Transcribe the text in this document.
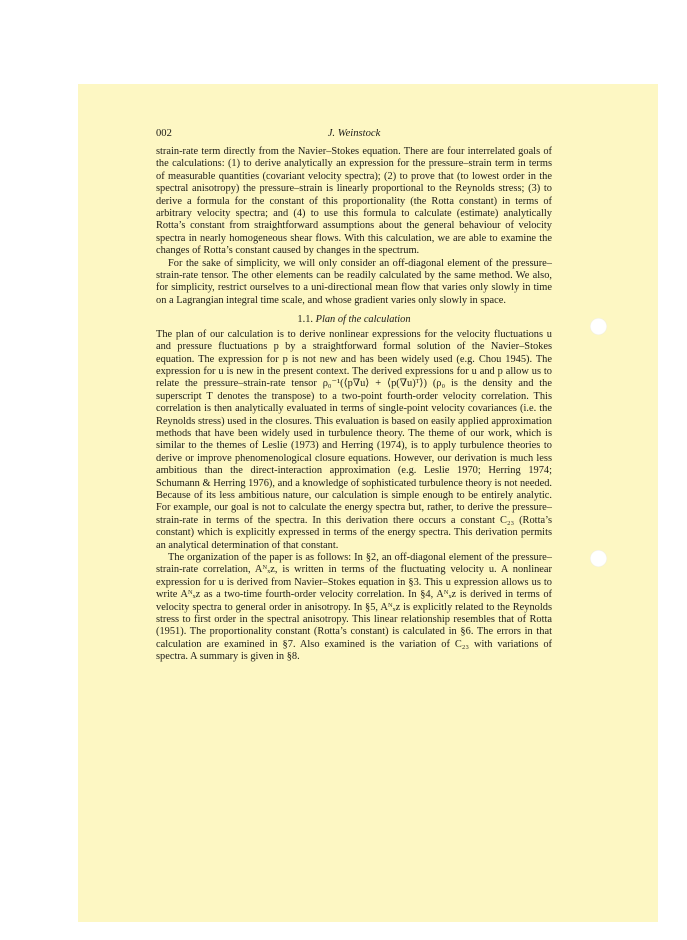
002	J. Weinstock

strain-rate term directly from the Navier–Stokes equation. There are four interrelated goals of the calculations: (1) to derive analytically an expression for the pressure–strain term in terms of measurable quantities (covariant velocity spectra); (2) to prove that (to lowest order in the spectral anisotropy) the pressure–strain is linearly proportional to the Reynolds stress; (3) to derive a formula for the constant of this proportionality (the Rotta constant) in terms of arbitrary velocity spectra; and (4) to use this formula to calculate (estimate) analytically Rotta’s constant from straightforward assumptions about the general behaviour of velocity spectra in nearly homogeneous shear flows. With this calculation, we are able to examine the changes of Rotta’s constant caused by changes in the spectrum.

For the sake of simplicity, we will only consider an off-diagonal element of the pressure–strain-rate tensor. The other elements can be readily calculated by the same method. We also, for simplicity, restrict ourselves to a uni-directional mean flow that varies only slowly in time on a Lagrangian integral time scale, and whose gradient varies only slowly in space.

1.1. Plan of the calculation

The plan of our calculation is to derive nonlinear expressions for the velocity fluctuations u and pressure fluctuations p by a straightforward formal solution of the Navier–Stokes equation. The expression for p is not new and has been widely used (e.g. Chou 1945). The expression for u is new in the present context. The derived expressions for u and p allow us to relate the pressure–strain-rate tensor ρ₀⁻¹(⟨p∇u⟩ + ⟨p(∇u)ᵀ⟩) (ρ₀ is the density and the superscript T denotes the transpose) to a two-point fourth-order velocity correlation. This correlation is then analytically evaluated in terms of single-point velocity covariances (i.e. the Reynolds stress) used in the closures. This evaluation is based on easily applied approximation methods that have been widely used in turbulence theory. The theme of our work, which is similar to the themes of Leslie (1973) and Herring (1974), is to apply turbulence theories to derive or improve phenomenological closure equations. However, our derivation is much less ambitious than the direct-interaction approximation (e.g. Leslie 1970; Herring 1974; Schumann & Herring 1976), and a knowledge of sophisticated turbulence theory is not needed. Because of its less ambitious nature, our calculation is simple enough to be entirely analytic. For example, our goal is not to calculate the energy spectra but, rather, to derive the pressure–strain-rate in terms of the spectra. In this derivation there occurs a constant C₂₃ (Rotta’s constant) which is explicitly expressed in terms of the energy spectra. This derivation permits an analytical determination of that constant.

The organization of the paper is as follows: In §2, an off-diagonal element of the pressure–strain-rate correlation, Aᴺₓz, is written in terms of the fluctuating velocity u. A nonlinear expression for u is derived from Navier–Stokes equation in §3. This u expression allows us to write Aᴺₓz as a two-time fourth-order velocity correlation. In §4, Aᴺₓz is derived in terms of velocity spectra to general order in anisotropy. In §5, Aᴺₓz is explicitly related to the Reynolds stress to first order in the spectral anisotropy. This linear relationship resembles that of Rotta (1951). The proportionality constant (Rotta’s constant) is calculated in §6. The errors in that calculation are examined in §7. Also examined is the variation of C₂₃ with variations of spectra. A summary is given in §8.
